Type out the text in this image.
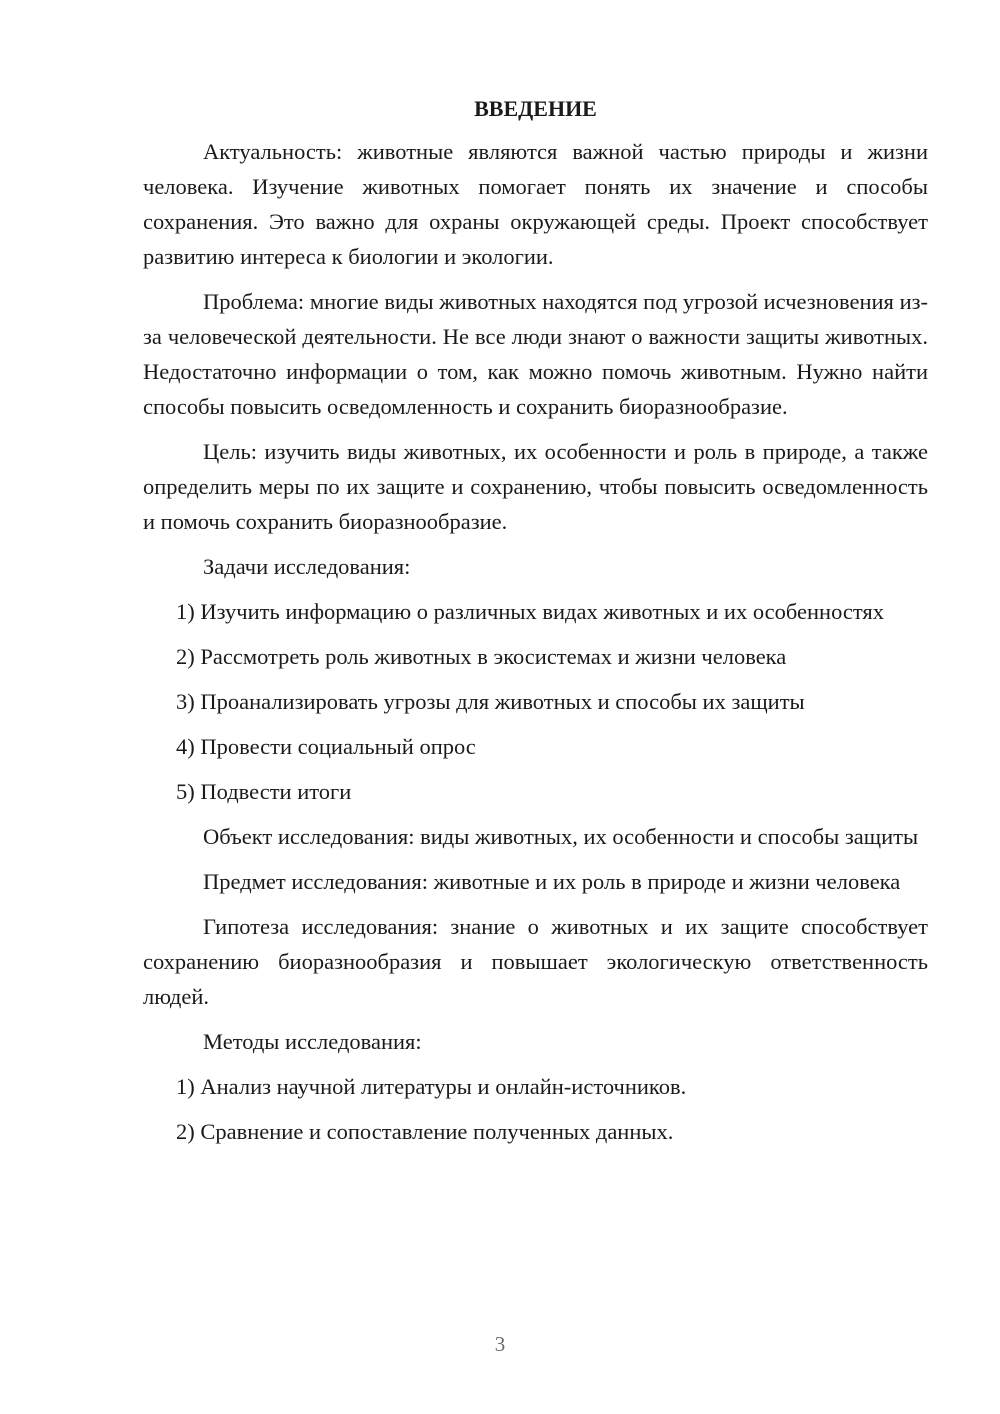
ВВЕДЕНИЕ
Актуальность: животные являются важной частью природы и жизни человека. Изучение животных помогает понять их значение и способы сохранения. Это важно для охраны окружающей среды. Проект способствует развитию интереса к биологии и экологии.
Проблема: многие виды животных находятся под угрозой исчезновения из-за человеческой деятельности. Не все люди знают о важности защиты животных. Недостаточно информации о том, как можно помочь животным. Нужно найти способы повысить осведомленность и сохранить биоразнообразие.
Цель: изучить виды животных, их особенности и роль в природе, а также определить меры по их защите и сохранению, чтобы повысить осведомленность и помочь сохранить биоразнообразие.
Задачи исследования:
1) Изучить информацию о различных видах животных и их особенностях
2) Рассмотреть роль животных в экосистемах и жизни человека
3) Проанализировать угрозы для животных и способы их защиты
4) Провести социальный опрос
5) Подвести итоги
Объект исследования: виды животных, их особенности и способы защиты
Предмет исследования: животные и их роль в природе и жизни человека
Гипотеза исследования: знание о животных и их защите способствует сохранению биоразнообразия и повышает экологическую ответственность людей.
Методы исследования:
1) Анализ научной литературы и онлайн-источников.
2) Сравнение и сопоставление полученных данных.
3
